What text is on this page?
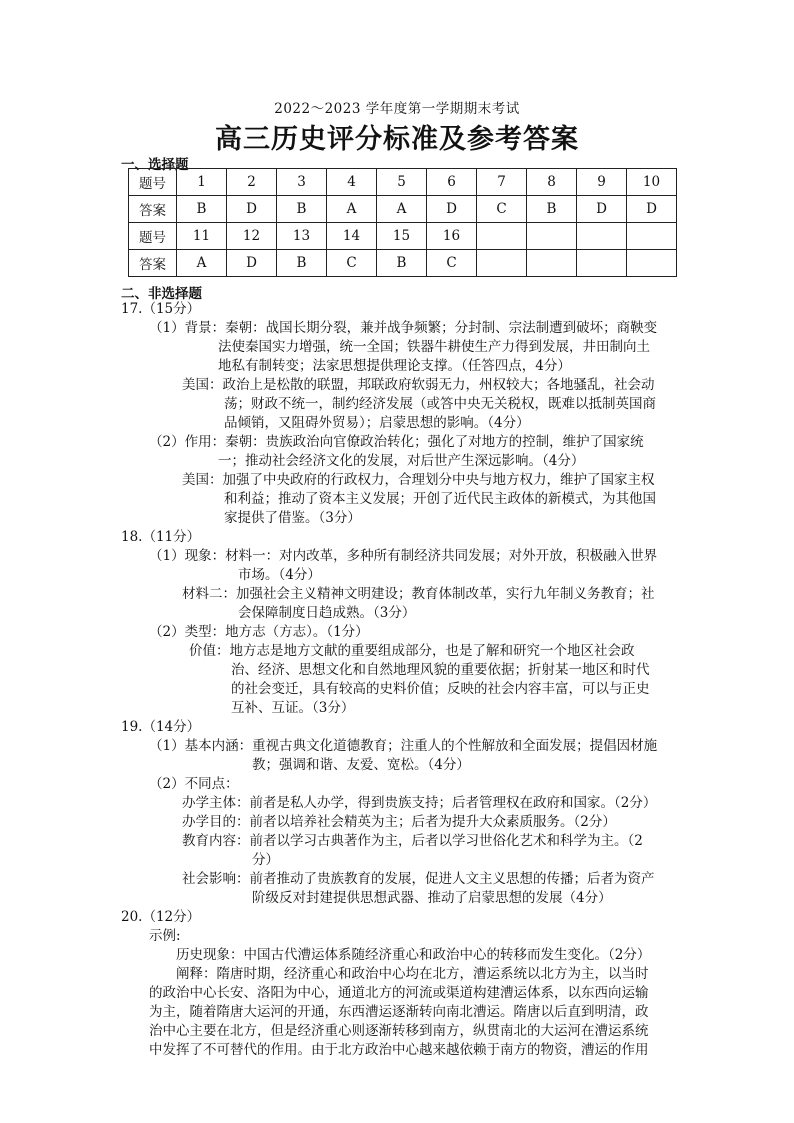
2022～2023 学年度第一学期期末考试
高三历史评分标准及参考答案
一、选择题
题号	1	2	3	4	5	6	7	8	9	10
答案	B	D	B	A	A	D	C	B	D	D
题号	11	12	13	14	15	16				
答案	A	D	B	C	B	C				
二、非选择题
17.（15分）
（1）背景：秦朝：战国长期分裂，兼并战争频繁；分封制、宗法制遭到破坏；商鞅变
法使秦国实力增强，统一全国；铁器牛耕使生产力得到发展，井田制向土
地私有制转变；法家思想提供理论支撑。（任答四点，4分）
美国：政治上是松散的联盟，邦联政府软弱无力，州权较大；各地骚乱，社会动
荡；财政不统一，制约经济发展（或答中央无关税权，既难以抵制英国商
品倾销，又阻碍外贸易）；启蒙思想的影响。（4分）
（2）作用：秦朝：贵族政治向官僚政治转化；强化了对地方的控制，维护了国家统
一；推动社会经济文化的发展，对后世产生深远影响。（4分）
美国：加强了中央政府的行政权力，合理划分中央与地方权力，维护了国家主权
和利益；推动了资本主义发展；开创了近代民主政体的新模式，为其他国
家提供了借鉴。（3分）
18.（11分）
（1）现象：材料一：对内改革，多种所有制经济共同发展；对外开放，积极融入世界
市场。（4分）
材料二：加强社会主义精神文明建设；教育体制改革，实行九年制义务教育；社
会保障制度日趋成熟。（3分）
（2）类型：地方志（方志）。（1分）
价值：地方志是地方文献的重要组成部分，也是了解和研究一个地区社会政
治、经济、思想文化和自然地理风貌的重要依据；折射某一地区和时代
的社会变迁，具有较高的史料价值；反映的社会内容丰富，可以与正史
互补、互证。（3分）
19.（14分）
（1）基本内涵：重视古典文化道德教育；注重人的个性解放和全面发展；提倡因材施
教；强调和谐、友爱、宽松。（4分）
（2）不同点：
办学主体：前者是私人办学，得到贵族支持；后者管理权在政府和国家。（2分）
办学目的：前者以培养社会精英为主；后者为提升大众素质服务。（2分）
教育内容：前者以学习古典著作为主，后者以学习世俗化艺术和科学为主。（2
分）
社会影响：前者推动了贵族教育的发展，促进人文主义思想的传播；后者为资产
阶级反对封建提供思想武器、推动了启蒙思想的发展（4分）
20.（12分）
示例:
历史现象：中国古代漕运体系随经济重心和政治中心的转移而发生变化。（2分）
阐释：隋唐时期，经济重心和政治中心均在北方，漕运系统以北方为主，以当时
的政治中心长安、洛阳为中心，通道北方的河流或渠道构建漕运体系，以东西向运输
为主，随着隋唐大运河的开通，东西漕运逐渐转向南北漕运。隋唐以后直到明清，政
治中心主要在北方，但是经济重心则逐渐转移到南方，纵贯南北的大运河在漕运系统
中发挥了不可替代的作用。由于北方政治中心越来越依赖于南方的物资，漕运的作用
